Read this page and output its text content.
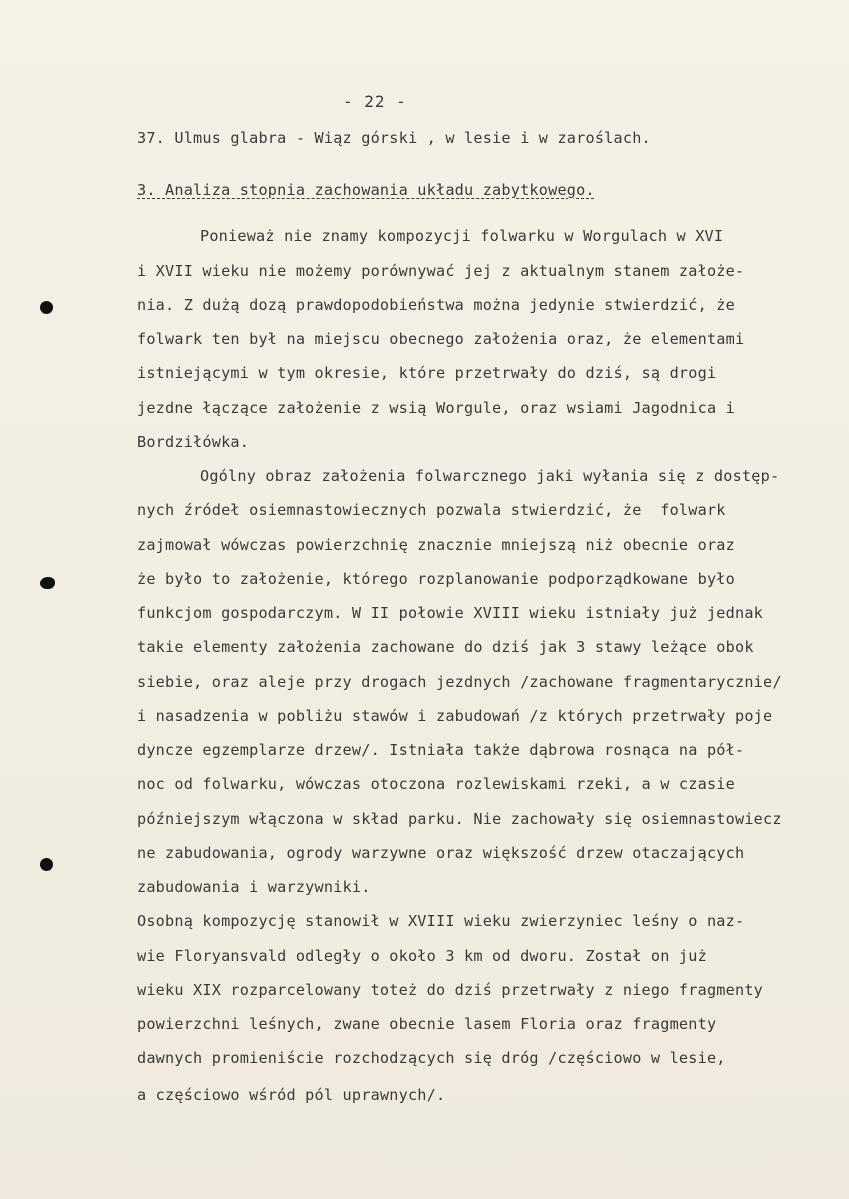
- 22 -
37. Ulmus glabra - Wiąz górski , w lesie i w zaroślach.
3. Analiza stopnia zachowania układu zabytkowego.
Ponieważ nie znamy kompozycji folwarku w Worgulach w XVI
i XVII wieku nie możemy porównywać jej z aktualnym stanem założe-
nia. Z dużą dozą prawdopodobieństwa można jedynie stwierdzić, że
folwark ten był na miejscu obecnego założenia oraz, że elementami
istniejącymi w tym okresie, które przetrwały do dziś, są drogi
jezdne łączące założenie z wsią Worgule, oraz wsiami Jagodnica i
Bordziłówka.
Ogólny obraz założenia folwarcznego jaki wyłania się z dostęp-
nych źródeł osiemnastowiecznych pozwala stwierdzić, że  folwark
zajmował wówczas powierzchnię znacznie mniejszą niż obecnie oraz
że było to założenie, którego rozplanowanie podporządkowane było
funkcjom gospodarczym. W II połowie XVIII wieku istniały już jednak
takie elementy założenia zachowane do dziś jak 3 stawy leżące obok
siebie, oraz aleje przy drogach jezdnych /zachowane fragmentarycznie/
i nasadzenia w pobliżu stawów i zabudowań /z których przetrwały poje
dyncze egzemplarze drzew/. Istniała także dąbrowa rosnąca na pół-
noc od folwarku, wówczas otoczona rozlewiskami rzeki, a w czasie
późniejszym włączona w skład parku. Nie zachowały się osiemnastowiecz
ne zabudowania, ogrody warzywne oraz większość drzew otaczających
zabudowania i warzywniki.
Osobną kompozycję stanowił w XVIII wieku zwierzyniec leśny o naz-
wie Floryansvald odległy o około 3 km od dworu. Został on już
wieku XIX rozparcelowany toteż do dziś przetrwały z niego fragmenty
powierzchni leśnych, zwane obecnie lasem Floria oraz fragmenty
dawnych promieniście rozchodzących się dróg /częściowo w lesie,
a częściowo wśród pól uprawnych/.
